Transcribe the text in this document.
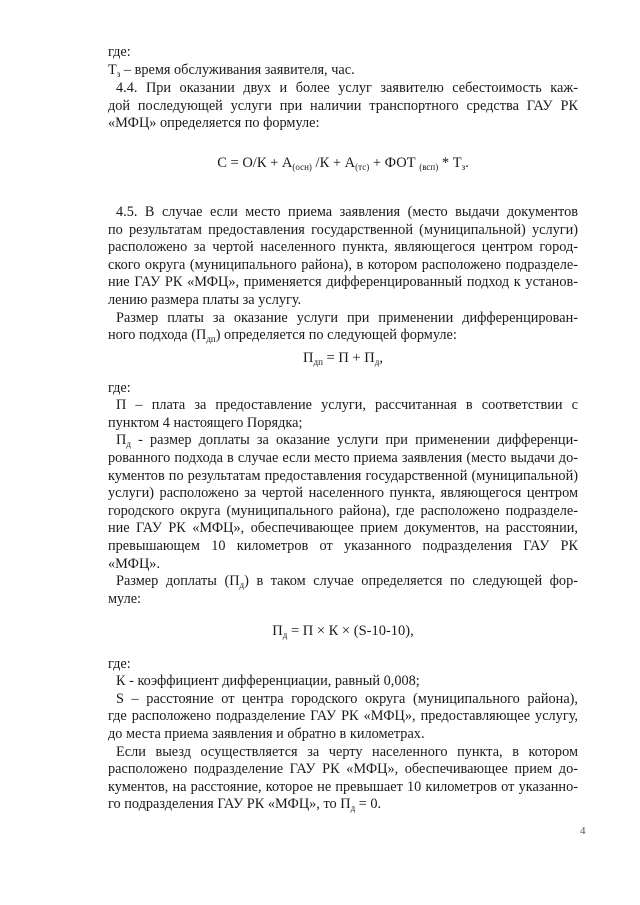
где:
$Т_з$ – время обслуживания заявителя, час.
4.4. При оказании двух и более услуг заявителю себестоимость каж-
дой последующей услуги при наличии транспортного средства ГАУ РК
«МФЦ» определяется по формуле:
$С = О/К + А_{(осн)}$ $/К + А_{(тс)}$ + ФОТ $_{(всп)} * Т_з$.
4.5. В случае если место приема заявления (место выдачи документов
по результатам предоставления государственной (муниципальной) услуги)
расположено за чертой населенного пункта, являющегося центром город-
ского округа (муниципального района), в котором расположено подразделе-
ние ГАУ РК «МФЦ», применяется дифференцированный подход к установ-
лению размера платы за услугу.
Размер платы за оказание услуги при применении дифференцирован-
ного подхода $(П_{дп})$ определяется по следующей формуле:
$П_{дп} = П + П_д$,
где:
П – плата за предоставление услуги, рассчитанная в соответствии с
пунктом 4 настоящего Порядка;
$П_д$ - размер доплаты за оказание услуги при применении дифференци-
рованного подхода в случае если место приема заявления (место выдачи до-
кументов по результатам предоставления государственной (муниципальной)
услуги) расположено за чертой населенного пункта, являющегося центром
городского округа (муниципального района), где расположено подразделе-
ние ГАУ РК «МФЦ», обеспечивающее прием документов, на расстоянии,
превышающем 10 километров от указанного подразделения ГАУ РК
«МФЦ».
Размер доплаты $(П_д)$ в таком случае определяется по следующей фор-
муле:
$П_д = П \times К \times (S-10-10)$,
где:
К - коэффициент дифференциации, равный 0,008;
S – расстояние от центра городского округа (муниципального района),
где расположено подразделение ГАУ РК «МФЦ», предоставляющее услугу,
до места приема заявления и обратно в километрах.
Если выезд осуществляется за черту населенного пункта, в котором
расположено подразделение ГАУ РК «МФЦ», обеспечивающее прием до-
кументов, на расстояние, которое не превышает 10 километров от указанно-
го подразделения ГАУ РК «МФЦ», то $П_д = 0$.
4
